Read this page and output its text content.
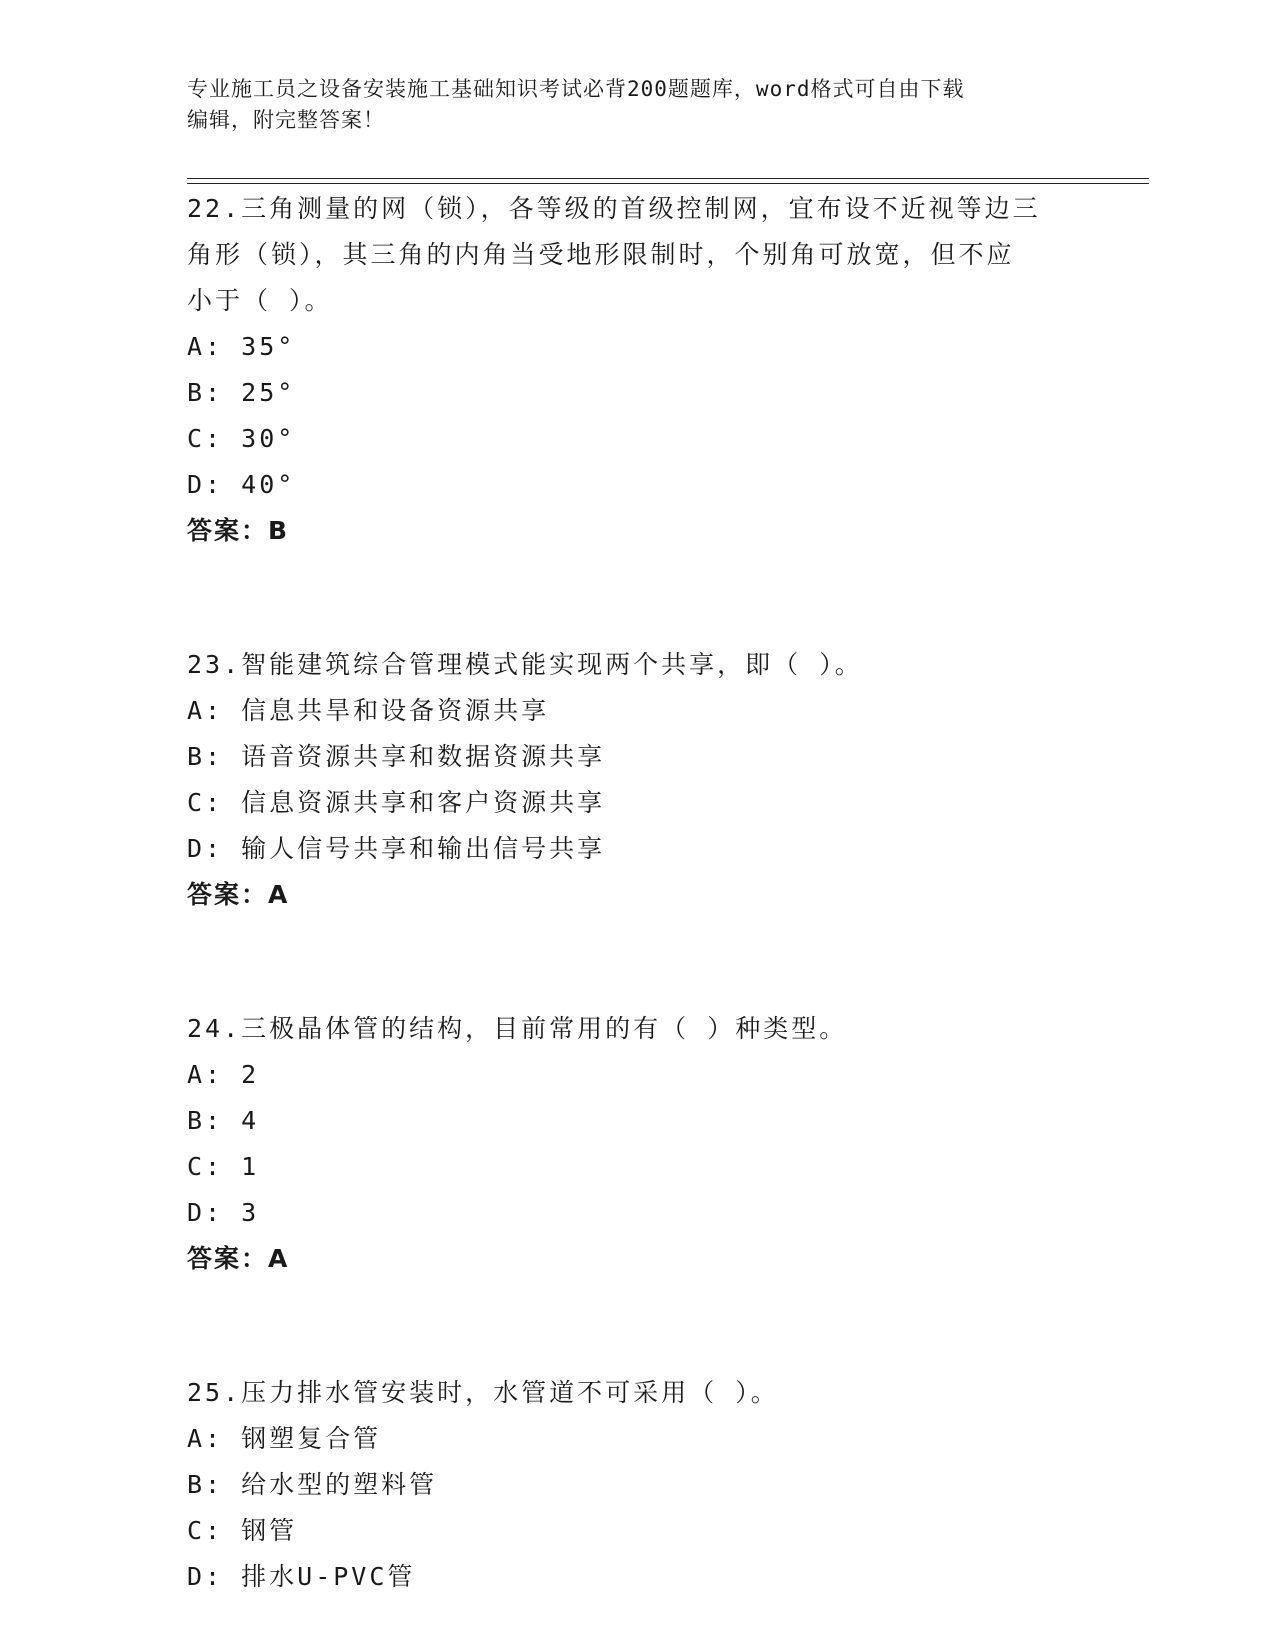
专业施工员之设备安装施工基础知识考试必背200题题库，word格式可自由下载
编辑，附完整答案！

22.三角测量的网（锁），各等级的首级控制网，宜布设不近视等边三

角形（锁），其三角的内角当受地形限制时，个别角可放宽，但不应

小于（ ）。

A: 35°

B: 25°

C: 30°

D: 40°

答案：B

23.智能建筑综合管理模式能实现两个共享，即（ ）。

A: 信息共旱和设备资源共享

B: 语音资源共享和数据资源共享

C: 信息资源共享和客户资源共享

D: 输人信号共享和输出信号共享

答案：A

24.三极晶体管的结构，目前常用的有（ ）种类型。

A: 2

B: 4

C: 1

D: 3

答案：A

25.压力排水管安装时，水管道不可采用（ ）。

A: 钢塑复合管

B: 给水型的塑料管

C: 钢管

D: 排水U-PVC管
